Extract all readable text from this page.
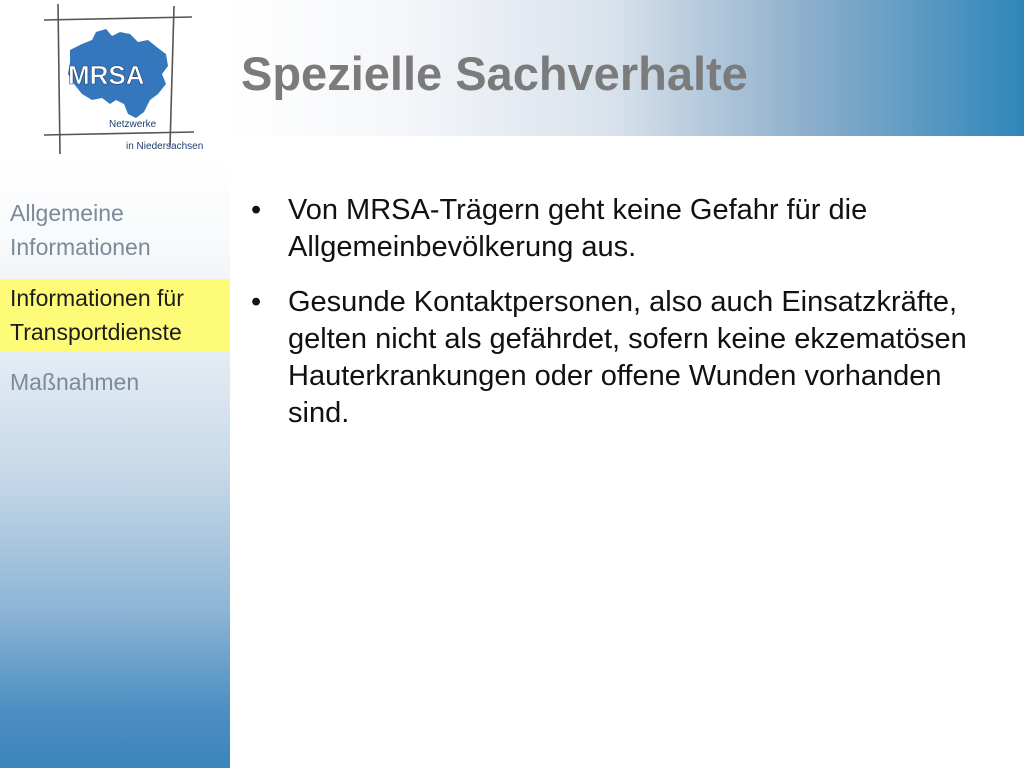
MRSA
Netzwerke
in Niedersachsen
Spezielle Sachverhalte
Allgemeine Informationen
Informationen für Transportdienste
Maßnahmen
• Von MRSA-Trägern geht keine Gefahr für die Allgemeinbevölkerung aus.
• Gesunde Kontaktpersonen, also auch Einsatzkräfte, gelten nicht als gefährdet, sofern keine ekzematösen Hauterkrankungen oder offene Wunden vorhanden sind.
